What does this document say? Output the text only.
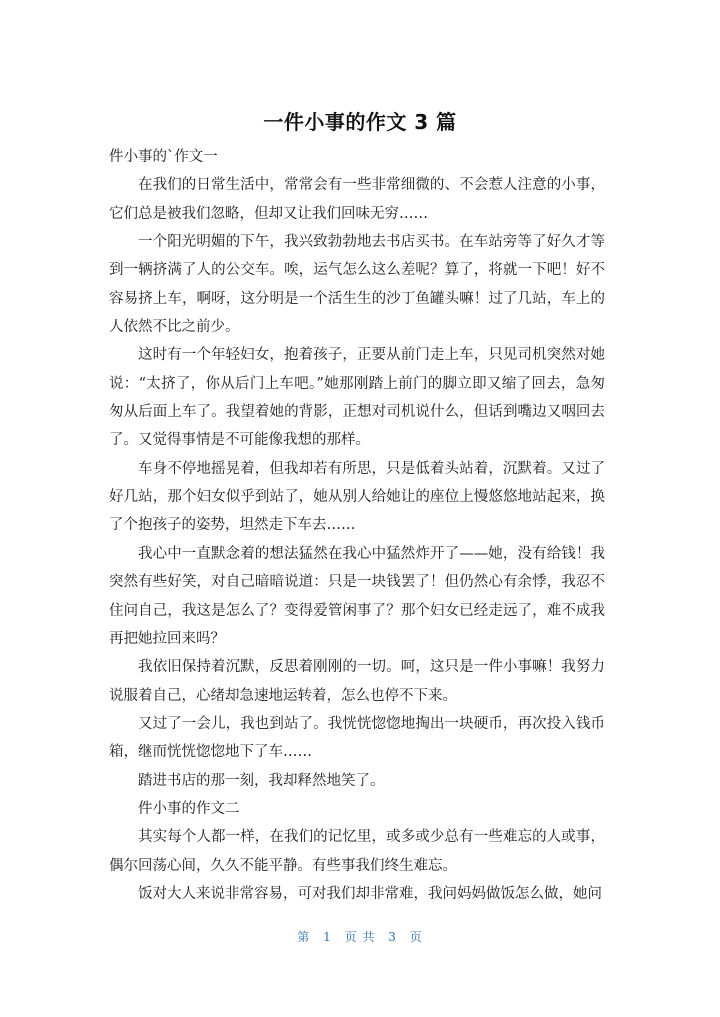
一件小事的作文 3 篇

件小事的`作文一

在我们的日常生活中，常常会有一些非常细微的、不会惹人注意的小事，它们总是被我们忽略，但却又让我们回味无穷……

一个阳光明媚的下午，我兴致勃勃地去书店买书。在车站旁等了好久才等到一辆挤满了人的公交车。唉，运气怎么这么差呢？算了，将就一下吧！好不容易挤上车，啊呀，这分明是一个活生生的沙丁鱼罐头嘛！过了几站，车上的人依然不比之前少。

这时有一个年轻妇女，抱着孩子，正要从前门走上车，只见司机突然对她说：“太挤了，你从后门上车吧。”她那刚踏上前门的脚立即又缩了回去，急匆匆从后面上车了。我望着她的背影，正想对司机说什么，但话到嘴边又咽回去了。又觉得事情是不可能像我想的那样。

车身不停地摇晃着，但我却若有所思，只是低着头站着，沉默着。又过了好几站，那个妇女似乎到站了，她从别人给她让的座位上慢悠悠地站起来，换了个抱孩子的姿势，坦然走下车去……

我心中一直默念着的想法猛然在我心中猛然炸开了——她，没有给钱！我突然有些好笑，对自己暗暗说道：只是一块钱罢了！但仍然心有余悸，我忍不住问自己，我这是怎么了？变得爱管闲事了？那个妇女已经走远了，难不成我再把她拉回来吗？

我依旧保持着沉默，反思着刚刚的一切。呵，这只是一件小事嘛！我努力说服着自己，心绪却急速地运转着，怎么也停不下来。

又过了一会儿，我也到站了。我恍恍惚惚地掏出一块硬币，再次投入钱币箱，继而恍恍惚惚地下了车……

踏进书店的那一刻，我却释然地笑了。

件小事的作文二

其实每个人都一样，在我们的记忆里，或多或少总有一些难忘的人或事，偶尔回荡心间，久久不能平静。有些事我们终生难忘。

饭对大人来说非常容易，可对我们却非常难，我问妈妈做饭怎么做，她问

第 1 页 共 3 页
